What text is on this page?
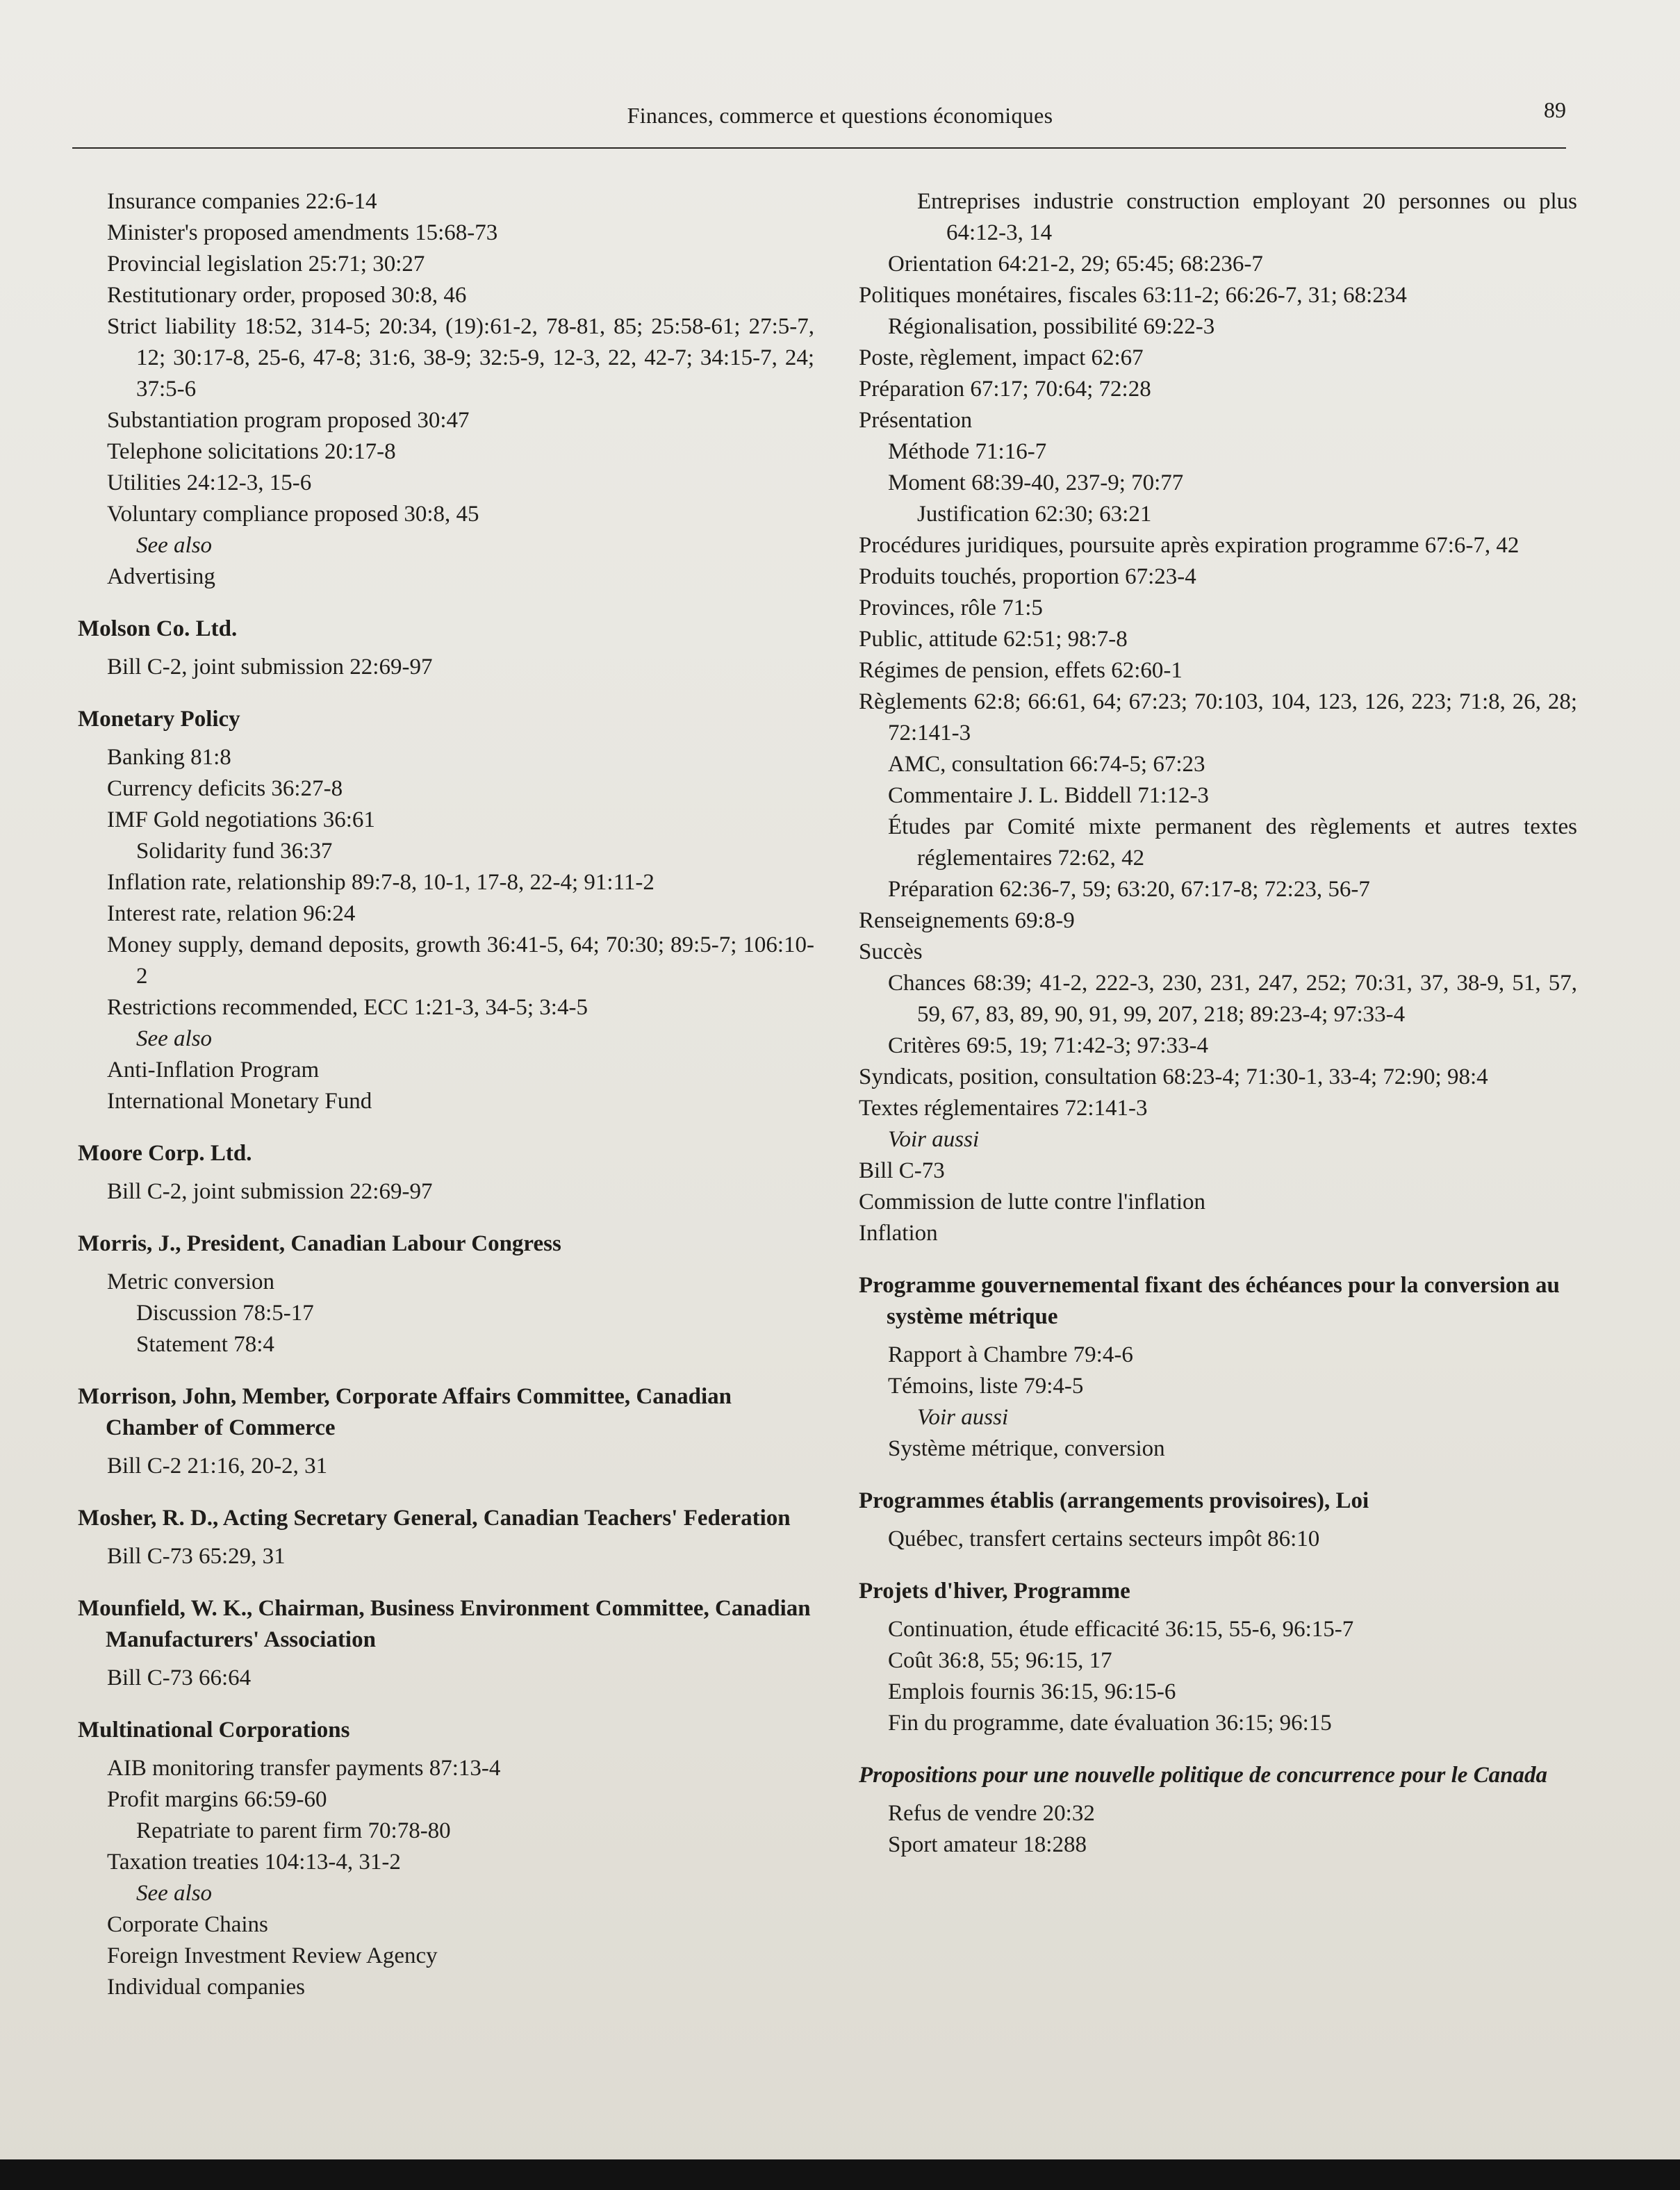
Finances, commerce et questions économiques	89
Insurance companies 22:6-14
Minister's proposed amendments 15:68-73
Provincial legislation 25:71; 30:27
Restitutionary order, proposed 30:8, 46
Strict liability 18:52, 314-5; 20:34, (19):61-2, 78-81, 85; 25:58-61; 27:5-7, 12; 30:17-8, 25-6, 47-8; 31:6, 38-9; 32:5-9, 12-3, 22, 42-7; 34:15-7, 24; 37:5-6
Substantiation program proposed 30:47
Telephone solicitations 20:17-8
Utilities 24:12-3, 15-6
Voluntary compliance proposed 30:8, 45
See also
Advertising
Molson Co. Ltd.
Bill C-2, joint submission 22:69-97
Monetary Policy
Banking 81:8
Currency deficits 36:27-8
IMF Gold negotiations 36:61
Solidarity fund 36:37
Inflation rate, relationship 89:7-8, 10-1, 17-8, 22-4; 91:11-2
Interest rate, relation 96:24
Money supply, demand deposits, growth 36:41-5, 64; 70:30; 89:5-7; 106:10-2
Restrictions recommended, ECC 1:21-3, 34-5; 3:4-5
See also
Anti-Inflation Program
International Monetary Fund
Moore Corp. Ltd.
Bill C-2, joint submission 22:69-97
Morris, J., President, Canadian Labour Congress
Metric conversion
Discussion 78:5-17
Statement 78:4
Morrison, John, Member, Corporate Affairs Committee, Canadian Chamber of Commerce
Bill C-2 21:16, 20-2, 31
Mosher, R. D., Acting Secretary General, Canadian Teachers' Federation
Bill C-73 65:29, 31
Mounfield, W. K., Chairman, Business Environment Committee, Canadian Manufacturers' Association
Bill C-73 66:64
Multinational Corporations
AIB monitoring transfer payments 87:13-4
Profit margins 66:59-60
Repatriate to parent firm 70:78-80
Taxation treaties 104:13-4, 31-2
See also
Corporate Chains
Foreign Investment Review Agency
Individual companies
Entreprises industrie construction employant 20 personnes ou plus 64:12-3, 14
Orientation 64:21-2, 29; 65:45; 68:236-7
Politiques monétaires, fiscales 63:11-2; 66:26-7, 31; 68:234
Régionalisation, possibilité 69:22-3
Poste, règlement, impact 62:67
Préparation 67:17; 70:64; 72:28
Présentation
Méthode 71:16-7
Moment 68:39-40, 237-9; 70:77
Justification 62:30; 63:21
Procédures juridiques, poursuite après expiration programme 67:6-7, 42
Produits touchés, proportion 67:23-4
Provinces, rôle 71:5
Public, attitude 62:51; 98:7-8
Régimes de pension, effets 62:60-1
Règlements 62:8; 66:61, 64; 67:23; 70:103, 104, 123, 126, 223; 71:8, 26, 28; 72:141-3
AMC, consultation 66:74-5; 67:23
Commentaire J. L. Biddell 71:12-3
Études par Comité mixte permanent des règlements et autres textes réglementaires 72:62, 42
Préparation 62:36-7, 59; 63:20, 67:17-8; 72:23, 56-7
Renseignements 69:8-9
Succès
Chances 68:39; 41-2, 222-3, 230, 231, 247, 252; 70:31, 37, 38-9, 51, 57, 59, 67, 83, 89, 90, 91, 99, 207, 218; 89:23-4; 97:33-4
Critères 69:5, 19; 71:42-3; 97:33-4
Syndicats, position, consultation 68:23-4; 71:30-1, 33-4; 72:90; 98:4
Textes réglementaires 72:141-3
Voir aussi
Bill C-73
Commission de lutte contre l'inflation
Inflation
Programme gouvernemental fixant des échéances pour la conversion au système métrique
Rapport à Chambre 79:4-6
Témoins, liste 79:4-5
Voir aussi
Système métrique, conversion
Programmes établis (arrangements provisoires), Loi
Québec, transfert certains secteurs impôt 86:10
Projets d'hiver, Programme
Continuation, étude efficacité 36:15, 55-6, 96:15-7
Coût 36:8, 55; 96:15, 17
Emplois fournis 36:15, 96:15-6
Fin du programme, date évaluation 36:15; 96:15
Propositions pour une nouvelle politique de concurrence pour le Canada
Refus de vendre 20:32
Sport amateur 18:288
